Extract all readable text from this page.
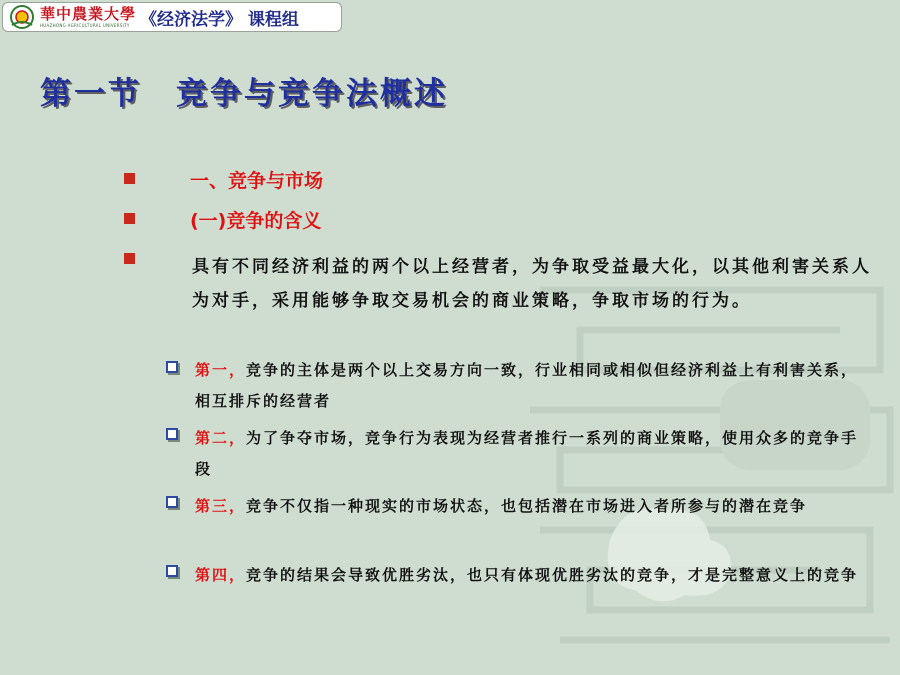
華中農業大學
HUAZHONG AGRICULTURAL UNIVERSITY 《经济法学》 课程组
第一节　竞争与竞争法概述
一、竞争与市场
(一)竞争的含义

具有不同经济利益的两个以上经营者，为争取受益最大化，以其他利害关系人为对手，采用能够争取交易机会的商业策略，争取市场的行为。

第一，竞争的主体是两个以上交易方向一致，行业相同或相似但经济利益上有利害关系，相互排斥的经营者

第二，为了争夺市场，竞争行为表现为经营者推行一系列的商业策略，使用众多的竞争手段

第三，竞争不仅指一种现实的市场状态，也包括潜在市场进入者所参与的潜在竞争

第四，竞争的结果会导致优胜劣汰，也只有体现优胜劣汰的竞争，才是完整意义上的竞争
